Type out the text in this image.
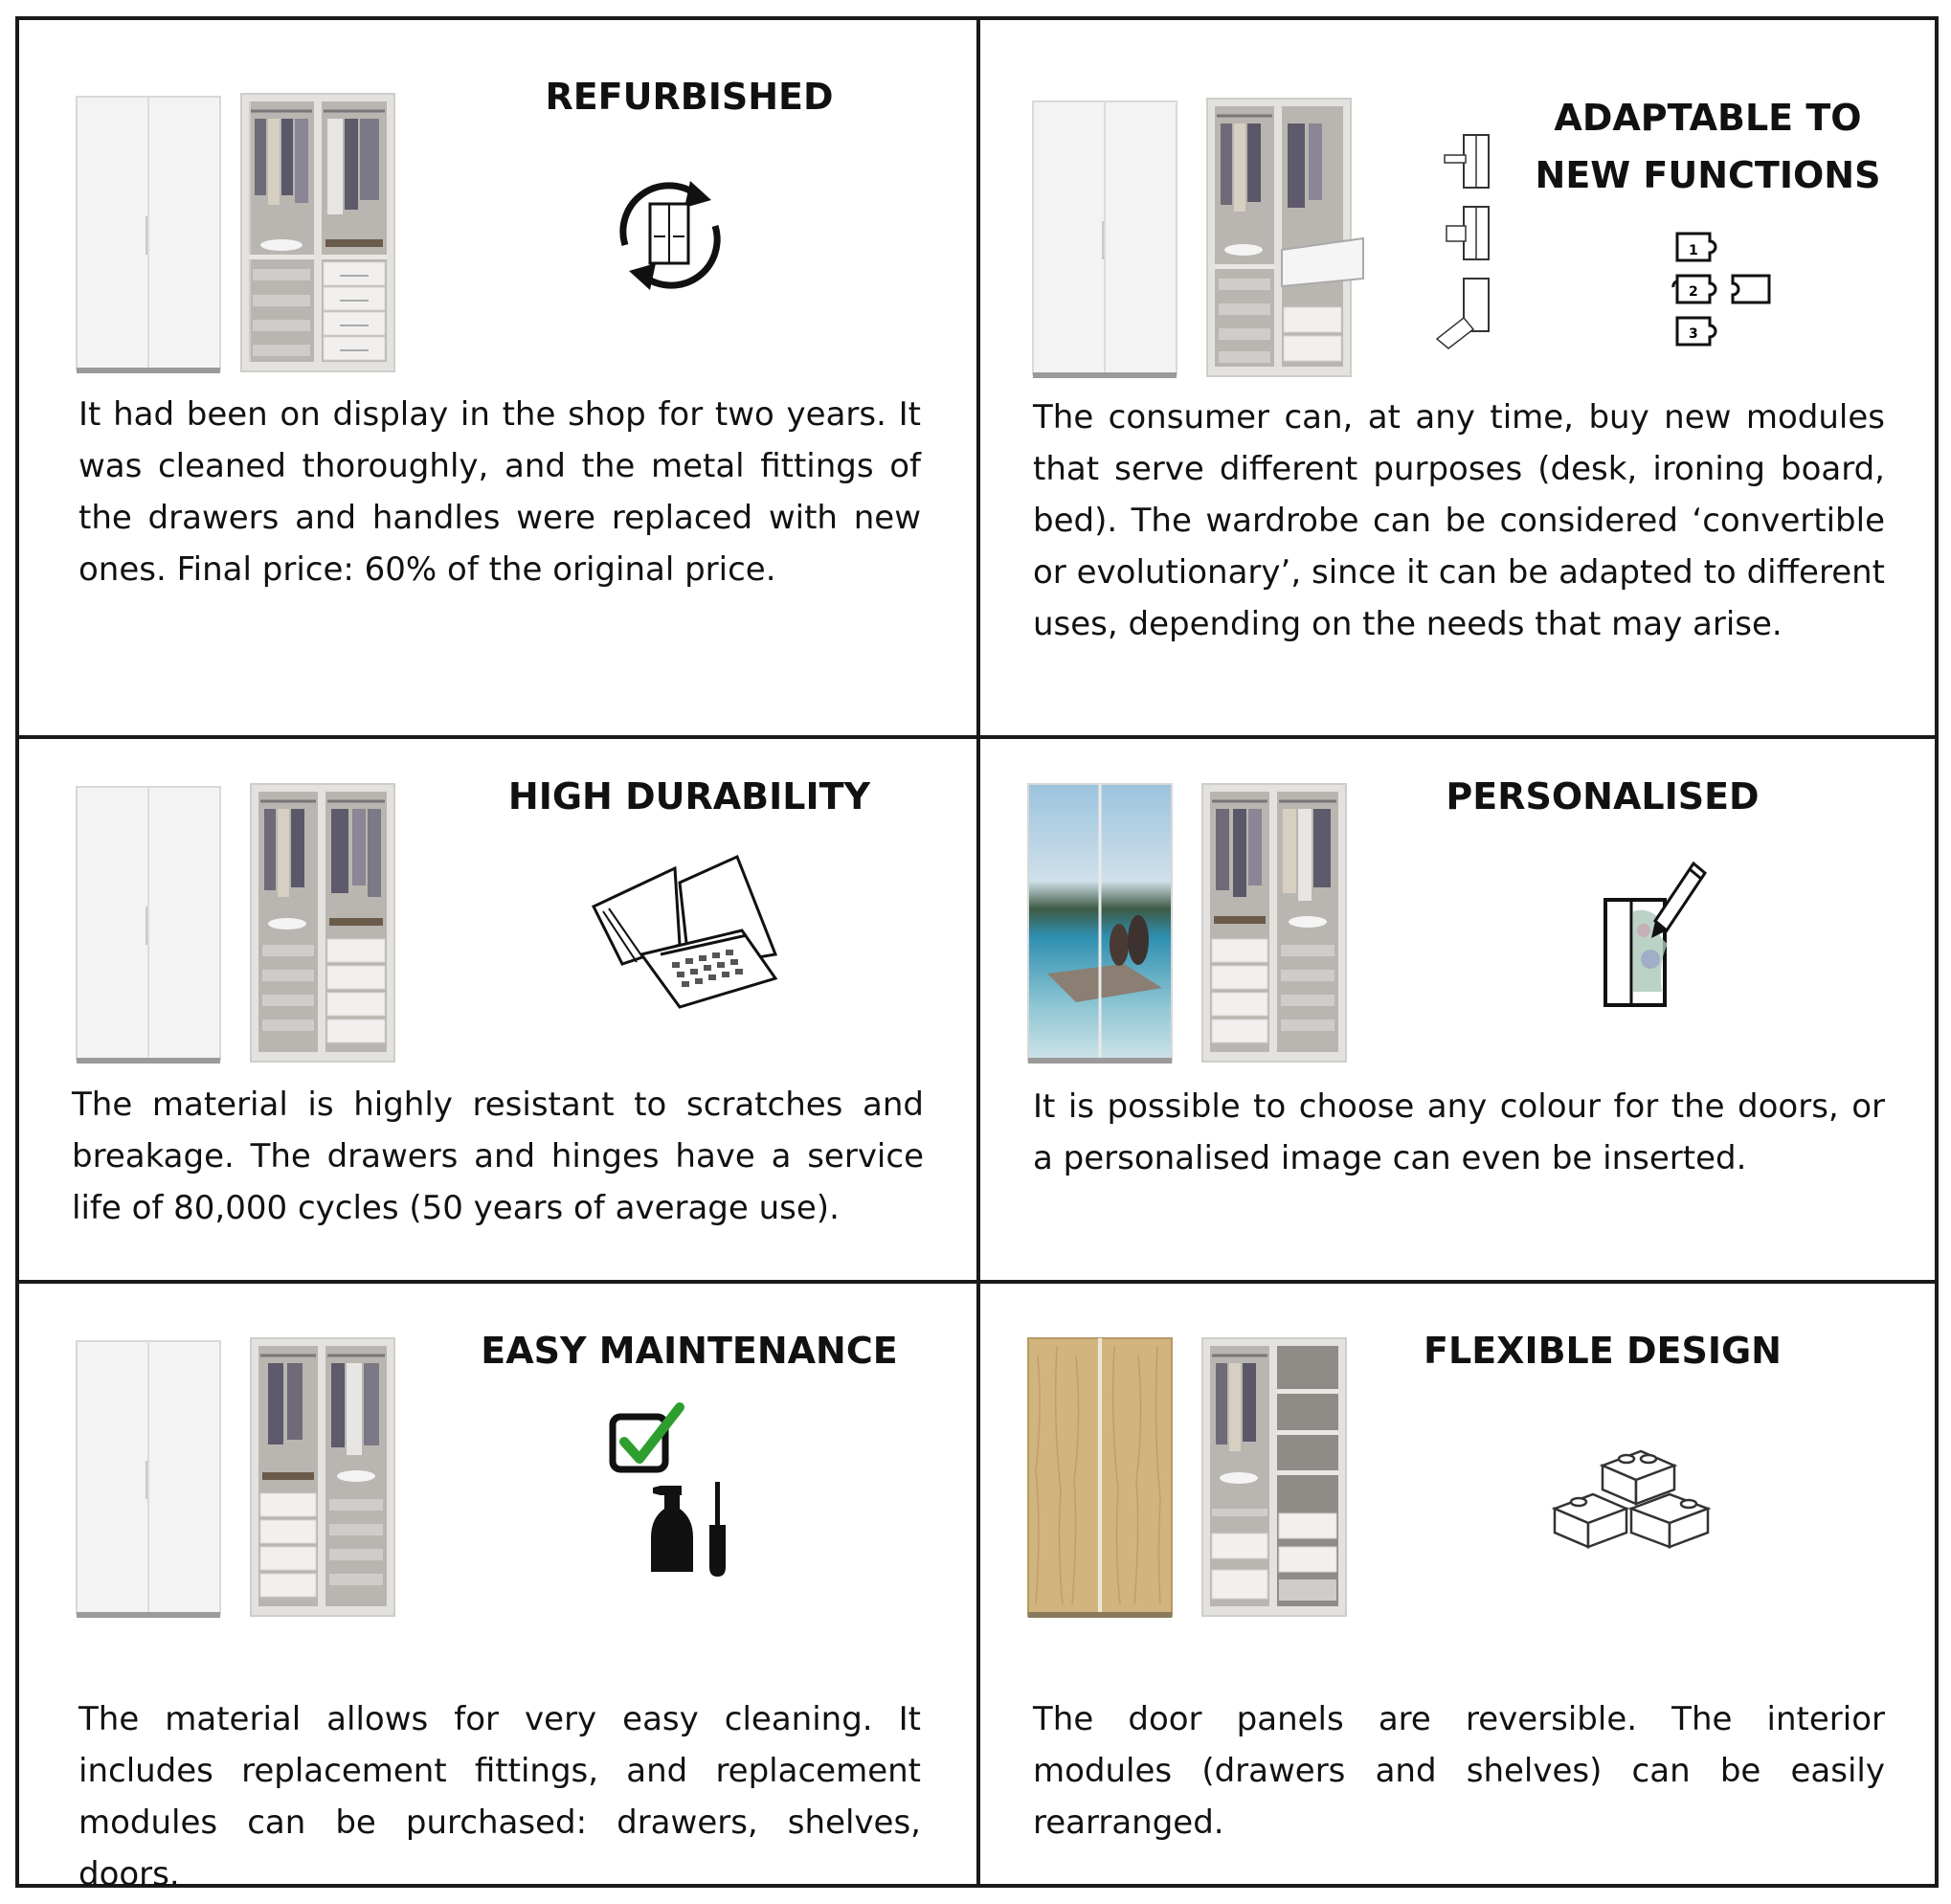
REFURBISHED
It had been on display in the shop for two years. It was cleaned thoroughly, and the metal fittings of the drawers and handles were replaced with new ones. Final price: 60% of the original price.
ADAPTABLE TO
NEW FUNCTIONS
1
2
3
The consumer can, at any time, buy new modules that serve different purposes (desk, ironing board, bed). The wardrobe can be considered ‘convertible or evolutionary’, since it can be adapted to different uses, depending on the needs that may arise.
HIGH DURABILITY
The material is highly resistant to scratches and breakage. The drawers and hinges have a service life of 80,000 cycles (50 years of average use).
PERSONALISED
It is possible to choose any colour for the doors, or a personalised image can even be inserted.
EASY MAINTENANCE
The material allows for very easy cleaning. It includes replacement fittings, and replacement modules can be purchased: drawers, shelves, doors.
FLEXIBLE DESIGN
The door panels are reversible. The interior modules (drawers and shelves) can be easily rearranged.
